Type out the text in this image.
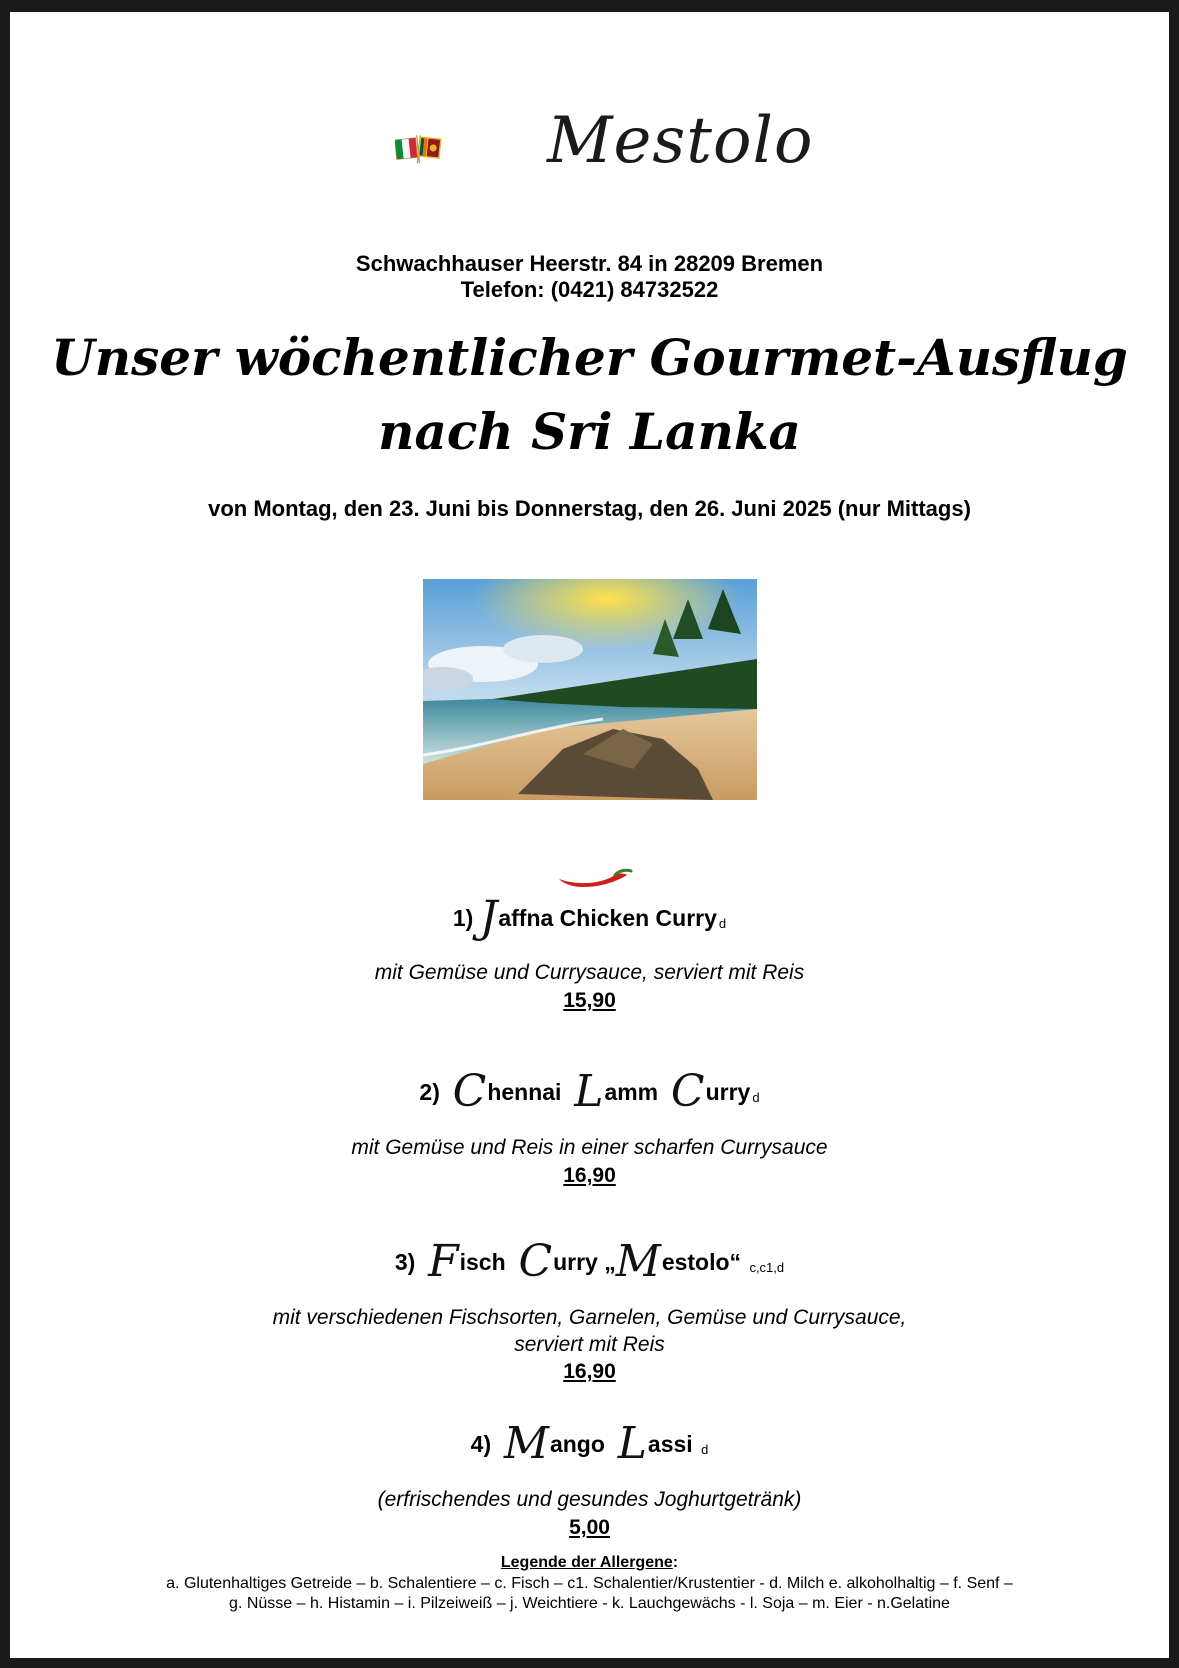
Mestolo
Schwachhauser Heerstr. 84 in 28209 Bremen
Telefon: (0421) 84732522
Unser wöchentlicher Gourmet-Ausflug
nach Sri Lanka
von Montag, den 23. Juni bis Donnerstag, den 26. Juni 2025 (nur Mittags)
1) Jaffna Chicken Curry d
mit Gemüse und Currysauce, serviert mit Reis
15,90
2) Chennai Lamm Curry d
mit Gemüse und Reis in einer scharfen Currysauce
16,90
3) Fisch Curry „Mestolo“ c,c1,d
mit verschiedenen Fischsorten, Garnelen, Gemüse und Currysauce,
serviert mit Reis
16,90
4) Mango Lassi d
(erfrischendes und gesundes Joghurtgetränk)
5,00
Legende der Allergene:
a. Glutenhaltiges Getreide – b. Schalentiere – c. Fisch – c1. Schalentier/Krustentier - d. Milch e. alkoholhaltig – f. Senf –
g. Nüsse – h. Histamin – i. Pilzeiweiß – j. Weichtiere - k. Lauchgewächs - l. Soja – m. Eier - n.Gelatine
